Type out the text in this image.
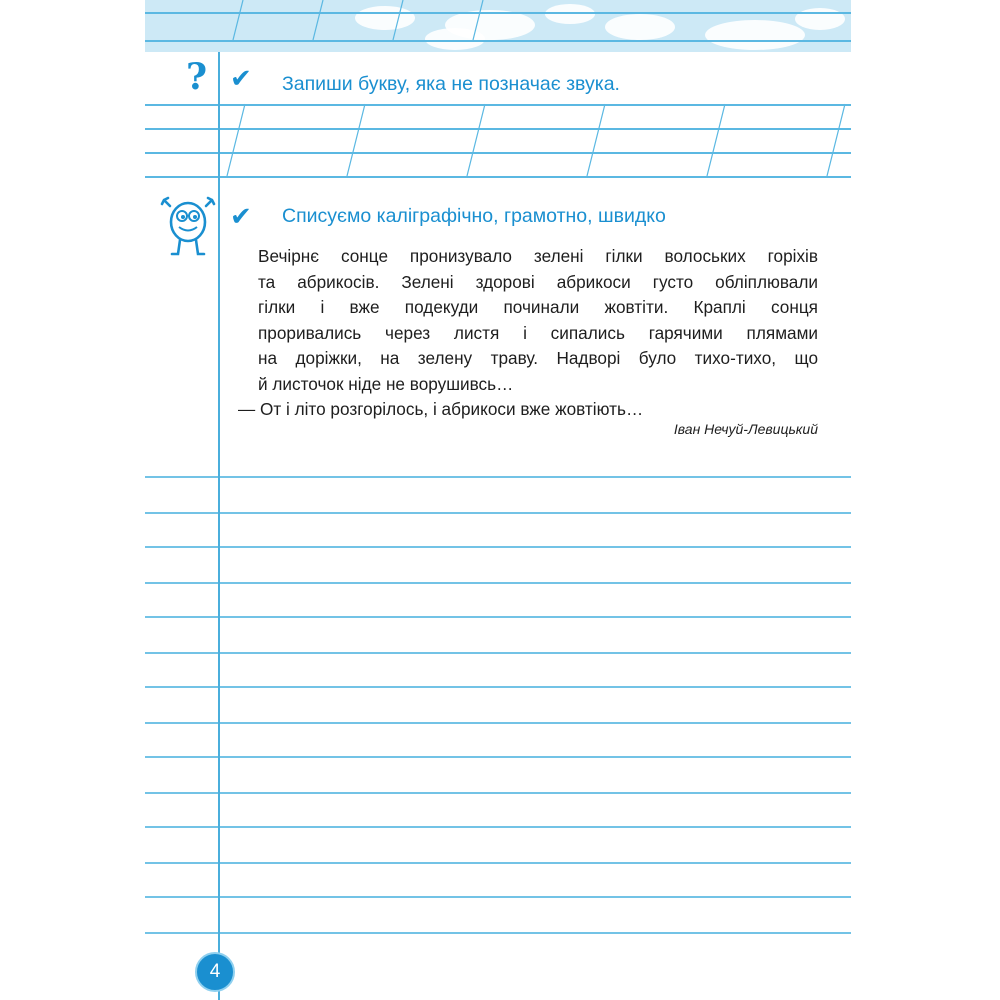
? ✔ Запиши букву, яка не позначає звука.
✔ Списуємо каліграфічно, грамотно, швидко
Вечірнє сонце пронизувало зелені гілки волоських горіхів
та абрикосів. Зелені здорові абрикоси густо обліплювали
гілки і вже подекуди починали жовтіти. Краплі сонця
проривались через листя і сипались гарячими плямами
на доріжки, на зелену траву. Надворі було тихо-тихо, що
й листочок ніде не ворушивсь…
— От і літо розгорілось, і абрикоси вже жовтіють…
Іван Нечуй-Левицький
4
